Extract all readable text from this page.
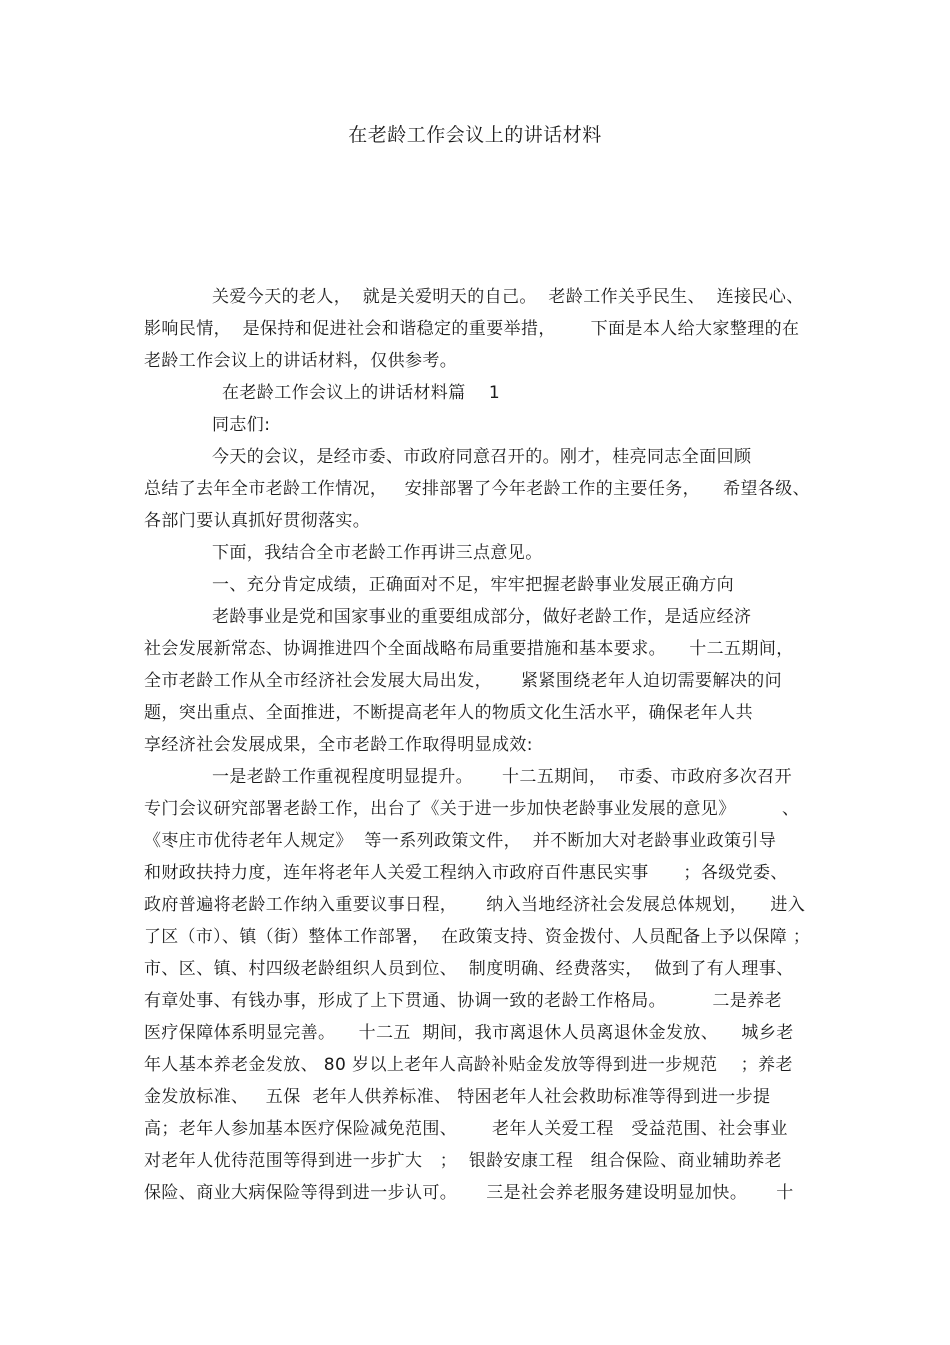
在老龄工作会议上的讲话材料
关爱今天的老人，  就是关爱明天的自己。  老龄工作关乎民生、  连接民心、
影响民情，  是保持和促进社会和谐稳定的重要举措，      下面是本人给大家整理的在
老龄工作会议上的讲话材料，仅供参考。
在老龄工作会议上的讲话材料篇    1
同志们:
今天的会议，是经市委、市政府同意召开的。刚才，桂亮同志全面回顾
总结了去年全市老龄工作情况，   安排部署了今年老龄工作的主要任务，    希望各级、
各部门要认真抓好贯彻落实。
下面，我结合全市老龄工作再讲三点意见。
一、充分肯定成绩，正确面对不足，牢牢把握老龄事业发展正确方向
老龄事业是党和国家事业的重要组成部分，做好老龄工作，是适应经济
社会发展新常态、协调推进四个全面战略布局重要措施和基本要求。    十二五期间，
全市老龄工作从全市经济社会发展大局出发，     紧紧围绕老年人迫切需要解决的问
题，突出重点、全面推进，不断提高老年人的物质文化生活水平，确保老年人共
享经济社会发展成果，全市老龄工作取得明显成效:
一是老龄工作重视程度明显提升。     十二五期间，  市委、市政府多次召开
专门会议研究部署老龄工作，出台了《关于进一步加快老龄事业发展的意见》        、
《枣庄市优待老年人规定》  等一系列政策文件，  并不断加大对老龄事业政策引导
和财政扶持力度，连年将老年人关爱工程纳入市政府百件惠民实事      ；各级党委、
政府普遍将老龄工作纳入重要议事日程，     纳入当地经济社会发展总体规划，    进入
了区（市）、镇（街）整体工作部署，  在政策支持、资金拨付、人员配备上予以保障 ；
市、区、镇、村四级老龄组织人员到位、  制度明确、经费落实，  做到了有人理事、
有章处事、有钱办事，形成了上下贯通、协调一致的老龄工作格局。        二是养老
医疗保障体系明显完善。    十二五  期间，我市离退休人员离退休金发放、    城乡老
年人基本养老金发放、 80 岁以上老年人高龄补贴金发放等得到进一步规范    ；养老
金发放标准、   五保  老年人供养标准、 特困老年人社会救助标准等得到进一步提
高；老年人参加基本医疗保险减免范围、      老年人关爱工程   受益范围、社会事业
对老年人优待范围等得到进一步扩大   ；  银龄安康工程   组合保险、商业辅助养老
保险、商业大病保险等得到进一步认可。     三是社会养老服务建设明显加快。     十
